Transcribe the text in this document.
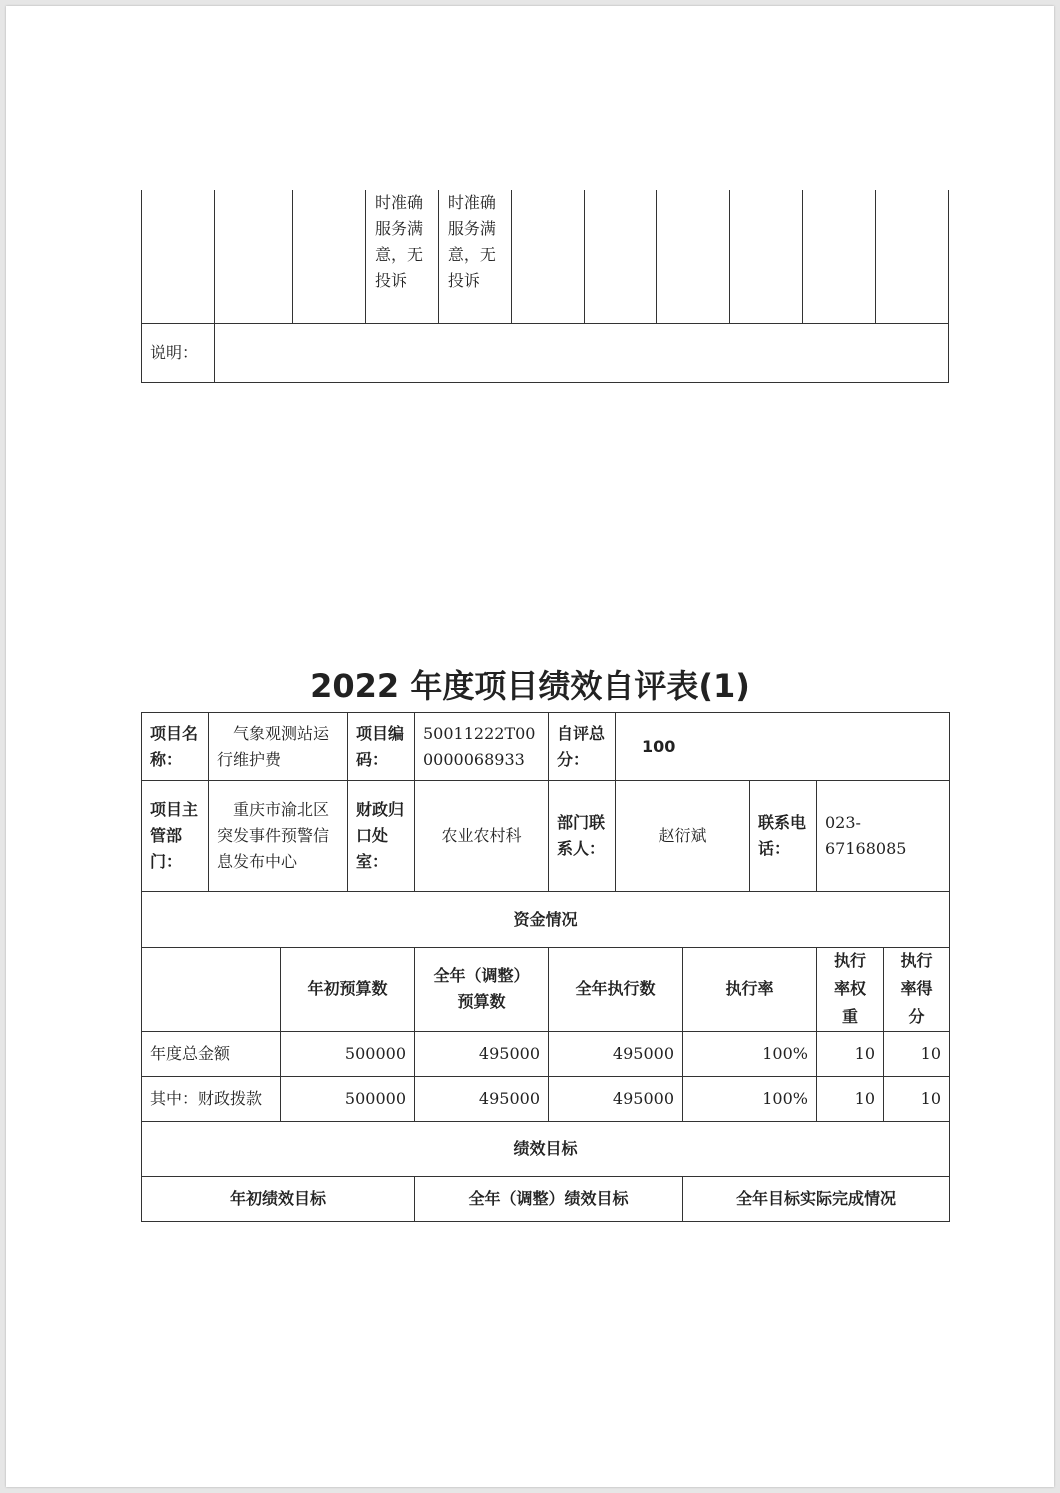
			时准确服务满意，无投诉	时准确服务满意，无投诉						

说明：										
2022 年度项目绩效自评表(1)
项目名称：	气象观测站运行维护费	项目编码：	50011222T000000068933	自评总分：	100		
项目主管部门：	重庆市渝北区突发事件预警信息发布中心	财政归口处室：	农业农村科	部门联系人：	赵衍斌	联系电话：	023-67168085
资金情况							
	年初预算数	全年（调整）预算数	全年执行数	执行率	执行率权重	执行率得分

年度总金额	500000	495000	495000	100%	10	10
其中：财政拨款	500000	495000	495000	100%	10	10
绩效目标						
年初绩效目标		全年（调整）绩效目标		全年目标实际完成情况		
